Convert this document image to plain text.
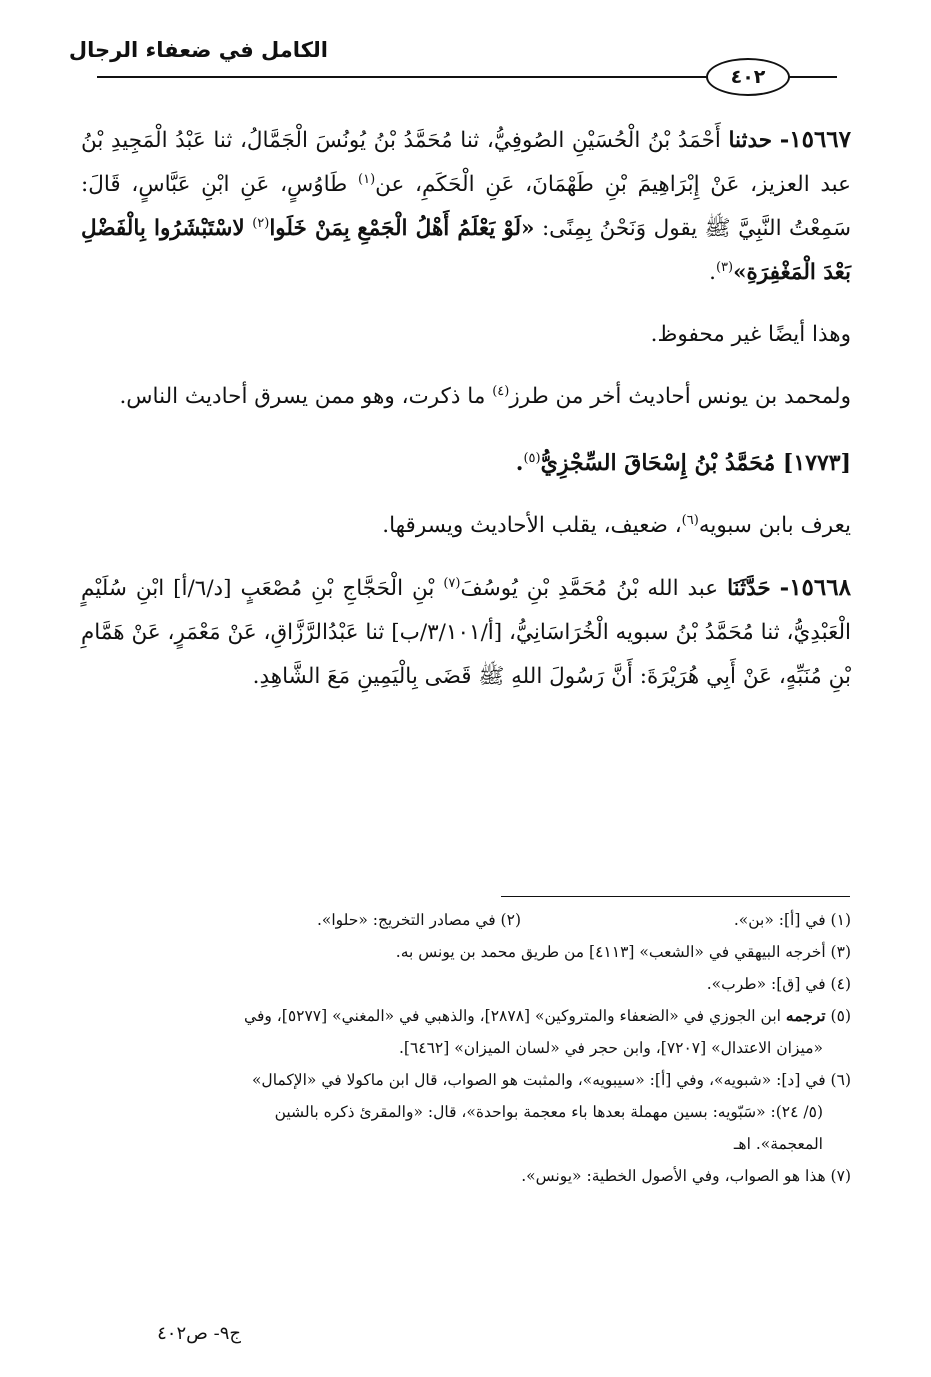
الكامل في ضعفاء الرجال
٤٠٢

١٥٦٦٧- حدثنا أَحْمَدُ بْنُ الْحُسَيْنِ الصُوفِيُّ، ثنا مُحَمَّدُ بْنُ يُونُسَ الْجَمَّالُ، ثنا عَبْدُ الْمَجِيدِ بْنُ عبد العزيز، عَنْ إِبْرَاهِيمَ بْنِ طَهْمَانَ، عَنِ الْحَكَمِ، عن$^{(١)}$ طَاوُسٍ، عَنِ ابْنِ عَبَّاسٍ، قَالَ: سَمِعْتُ النَّبِيَّ ﷺ يقول وَنَحْنُ بِمِنًى: «لَوْ يَعْلَمُ أَهْلُ الْجَمْعِ بِمَنْ خَلَوا$^{(٢)}$ لاسْتَبْشَرُوا بِالْفَضْلِ بَعْدَ الْمَغْفِرَةِ»$^{(٣)}$.

وهذا أيضًا غير محفوظ.

ولمحمد بن يونس أحاديث أخر من طرز$^{(٤)}$ ما ذكرت، وهو ممن يسرق أحاديث الناس.

[١٧٧٣] مُحَمَّدُ بْنُ إِسْحَاقَ السِّجْزِيُّ$^{(٥)}$.

يعرف بابن سبويه$^{(٦)}$، ضعيف، يقلب الأحاديث ويسرقها.

١٥٦٦٨- حَدَّثَنَا عبد الله بْنُ مُحَمَّدِ بْنِ يُوسُفَ$^{(٧)}$ بْنِ الْحَجَّاجِ بْنِ مُصْعَبٍ [د/٦/أ] ابْنِ سُلَيْمٍ الْعَبْدِيُّ، ثنا مُحَمَّدُ بْنُ سبويه الْخُرَاسَانِيُّ، [أ/٣/١٠١/ب] ثنا عَبْدُالرَّزَّاقِ، عَنْ مَعْمَرٍ، عَنْ هَمَّامِ بْنِ مُنَبِّهٍ، عَنْ أَبِي هُرَيْرَةَ: أَنَّ رَسُولَ اللهِ ﷺ قَضَى بِالْيَمِينِ مَعَ الشَّاهِدِ.

(١) في [أ]: «بن».

(٢) في مصادر التخريج: «حلوا».

(٣) أخرجه البيهقي في «الشعب» [٤١١٣] من طريق محمد بن يونس به.

(٤) في [ق]: «طرب».

(٥) ترجمه ابن الجوزي في «الضعفاء والمتروكين» [٢٨٧٨]، والذهبي في «المغني» [٥٢٧٧]، وفي

«ميزان الاعتدال» [٧٢٠٧]، وابن حجر في «لسان الميزان» [٦٤٦٢].

(٦) في [د]: «شبويه»، وفي [أ]: «سيبويه»، والمثبت هو الصواب، قال ابن ماكولا في «الإكمال»

(٥/ ٢٤): «سَبّويه: بسين مهملة بعدها باء معجمة بواحدة»، قال: «والمقرئ ذكره بالشين

المعجمة». اهـ

(٧) هذا هو الصواب، وفي الأصول الخطية: «يونس».

ج٩- ص٤٠٢
